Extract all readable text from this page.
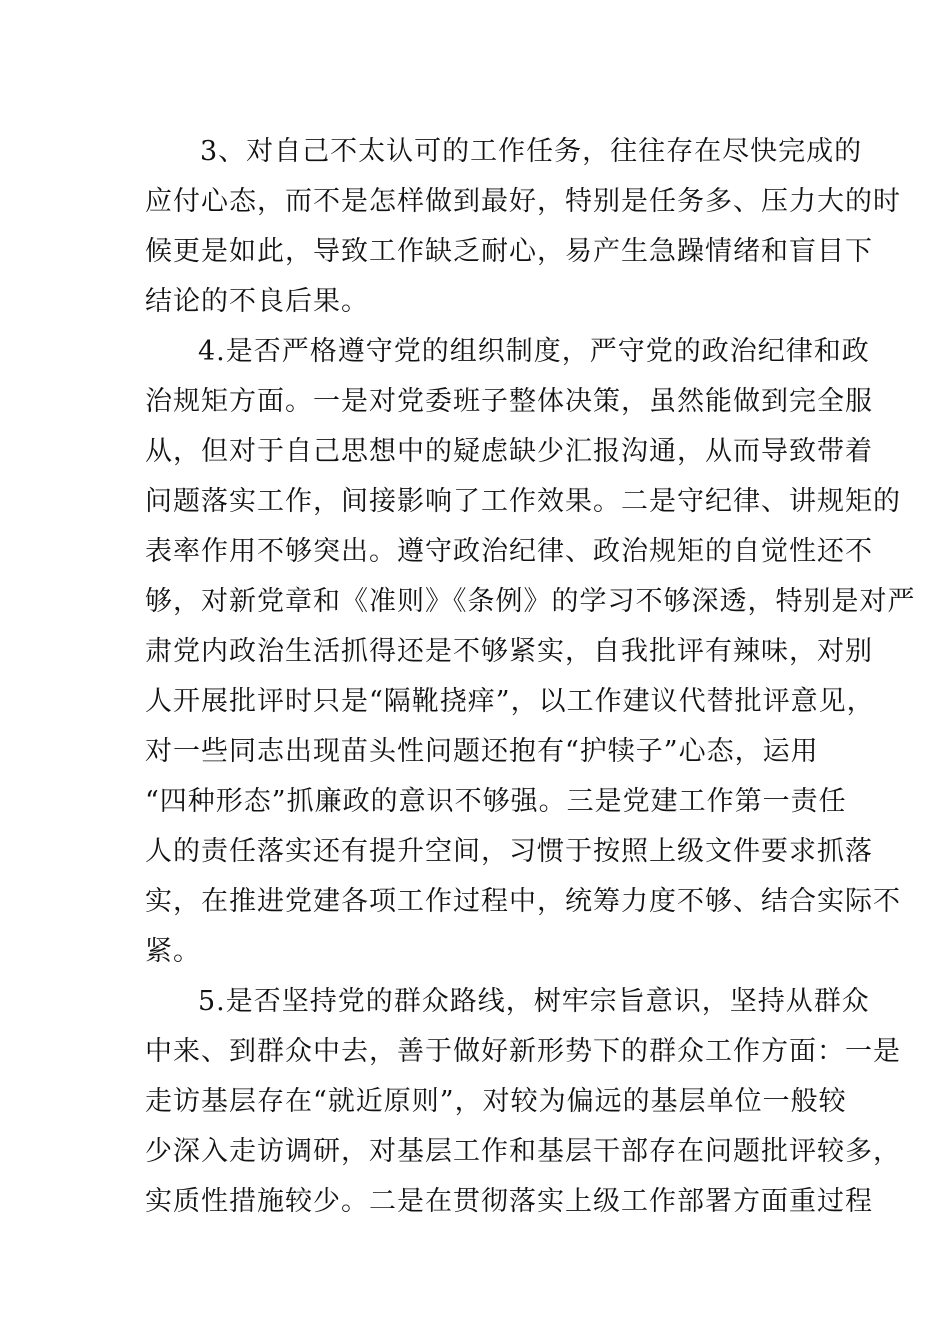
3、对自己不太认可的工作任务，往往存在尽快完成的
应付心态，而不是怎样做到最好，特别是任务多、压力大的时
候更是如此，导致工作缺乏耐心，易产生急躁情绪和盲目下
结论的不良后果。
4.是否严格遵守党的组织制度，严守党的政治纪律和政
治规矩方面。一是对党委班子整体决策，虽然能做到完全服
从，但对于自己思想中的疑虑缺少汇报沟通，从而导致带着
问题落实工作，间接影响了工作效果。二是守纪律、讲规矩的
表率作用不够突出。遵守政治纪律、政治规矩的自觉性还不
够，对新党章和《准则》《条例》的学习不够深透，特别是对严
肃党内政治生活抓得还是不够紧实，自我批评有辣味，对别
人开展批评时只是“隔靴挠痒”，以工作建议代替批评意见，
对一些同志出现苗头性问题还抱有“护犊子”心态，运用
“四种形态”抓廉政的意识不够强。三是党建工作第一责任
人的责任落实还有提升空间，习惯于按照上级文件要求抓落
实，在推进党建各项工作过程中，统筹力度不够、结合实际不
紧。
5.是否坚持党的群众路线，树牢宗旨意识，坚持从群众
中来、到群众中去，善于做好新形势下的群众工作方面：一是
走访基层存在“就近原则”，对较为偏远的基层单位一般较
少深入走访调研，对基层工作和基层干部存在问题批评较多，
实质性措施较少。二是在贯彻落实上级工作部署方面重过程
